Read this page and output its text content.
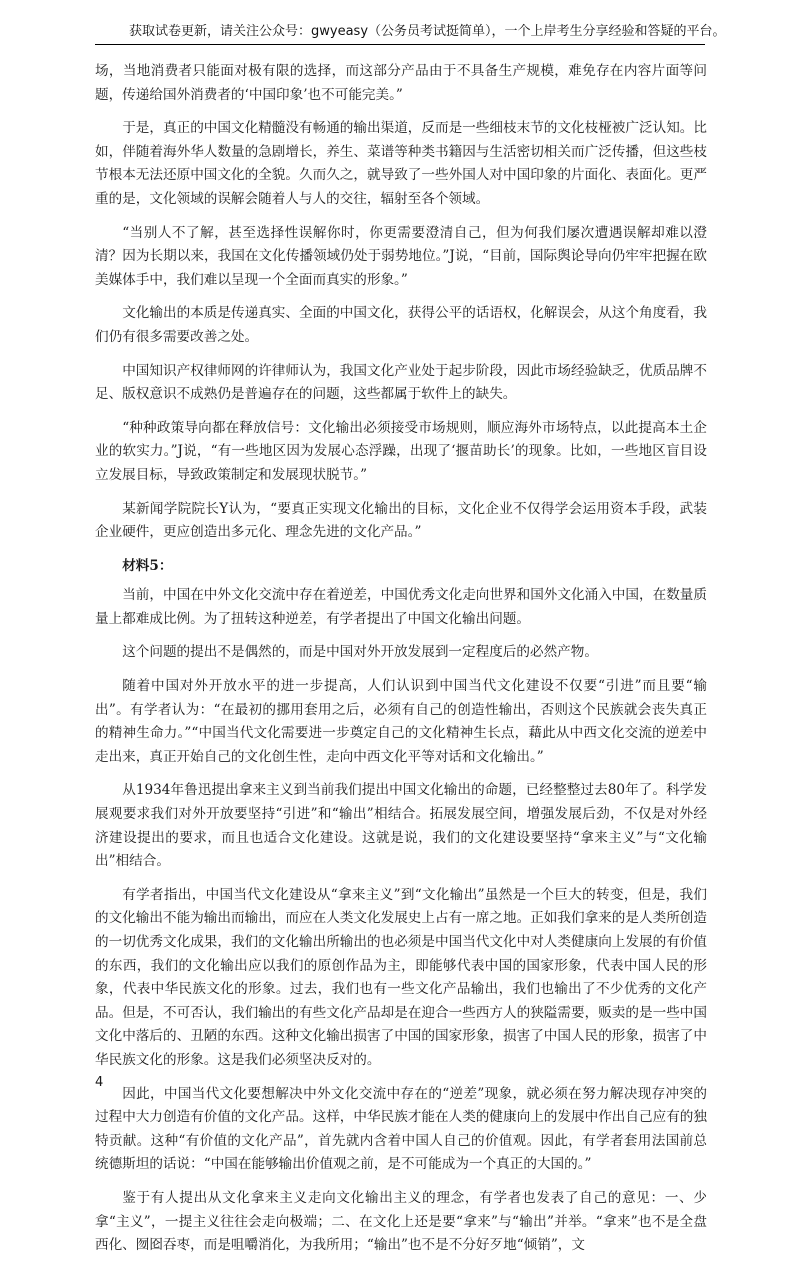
获取试卷更新，请关注公众号：gwyeasy（公务员考试挺简单），一个上岸考生分享经验和答疑的平台。

场，当地消费者只能面对极有限的选择，而这部分产品由于不具备生产规模，难免存在内容片面等问题，传递给国外消费者的‘中国印象’也不可能完美。”

于是，真正的中国文化精髓没有畅通的输出渠道，反而是一些细枝末节的文化枝桠被广泛认知。比如，伴随着海外华人数量的急剧增长，养生、菜谱等种类书籍因与生活密切相关而广泛传播，但这些枝节根本无法还原中国文化的全貌。久而久之，就导致了一些外国人对中国印象的片面化、表面化。更严重的是，文化领域的误解会随着人与人的交往，辐射至各个领域。

“当别人不了解，甚至选择性误解你时，你更需要澄清自己，但为何我们屡次遭遇误解却难以澄清？因为长期以来，我国在文化传播领域仍处于弱势地位。”J说，“目前，国际舆论导向仍牢牢把握在欧美媒体手中，我们难以呈现一个全面而真实的形象。”

文化输出的本质是传递真实、全面的中国文化，获得公平的话语权，化解误会，从这个角度看，我们仍有很多需要改善之处。

中国知识产权律师网的许律师认为，我国文化产业处于起步阶段，因此市场经验缺乏，优质品牌不足、版权意识不成熟仍是普遍存在的问题，这些都属于软件上的缺失。

“种种政策导向都在释放信号：文化输出必须接受市场规则，顺应海外市场特点，以此提高本土企业的软实力。”J说，“有一些地区因为发展心态浮躁，出现了‘揠苗助长’的现象。比如，一些地区盲目设立发展目标，导致政策制定和发展现状脱节。”

某新闻学院院长Y认为，“要真正实现文化输出的目标，文化企业不仅得学会运用资本手段，武装企业硬件，更应创造出多元化、理念先进的文化产品。”

材料5：

当前，中国在中外文化交流中存在着逆差，中国优秀文化走向世界和国外文化涌入中国，在数量质量上都难成比例。为了扭转这种逆差，有学者提出了中国文化输出问题。

这个问题的提出不是偶然的，而是中国对外开放发展到一定程度后的必然产物。

随着中国对外开放水平的进一步提高，人们认识到中国当代文化建设不仅要“引进”而且要“输出”。有学者认为：“在最初的挪用套用之后，必须有自己的创造性输出，否则这个民族就会丧失真正的精神生命力。”“中国当代文化需要进一步奠定自己的文化精神生长点，藉此从中西文化交流的逆差中走出来，真正开始自己的文化创生性，走向中西文化平等对话和文化输出。”

从1934年鲁迅提出拿来主义到当前我们提出中国文化输出的命题，已经整整过去80年了。科学发展观要求我们对外开放要坚持“引进”和“输出”相结合。拓展发展空间，增强发展后劲，不仅是对外经济建设提出的要求，而且也适合文化建设。这就是说，我们的文化建设要坚持“拿来主义”与“文化输出”相结合。

有学者指出，中国当代文化建设从“拿来主义”到“文化输出”虽然是一个巨大的转变，但是，我们的文化输出不能为输出而输出，而应在人类文化发展史上占有一席之地。正如我们拿来的是人类所创造的一切优秀文化成果，我们的文化输出所输出的也必须是中国当代文化中对人类健康向上发展的有价值的东西，我们的文化输出应以我们的原创作品为主，即能够代表中国的国家形象，代表中国人民的形象，代表中华民族文化的形象。过去，我们也有一些文化产品输出，我们也输出了不少优秀的文化产品。但是，不可否认，我们输出的有些文化产品却是在迎合一些西方人的狭隘需要，贩卖的是一些中国文化中落后的、丑陋的东西。这种文化输出损害了中国的国家形象，损害了中国人民的形象，损害了中华民族文化的形象。这是我们必须坚决反对的。

因此，中国当代文化要想解决中外文化交流中存在的“逆差”现象，就必须在努力解决现存冲突的过程中大力创造有价值的文化产品。这样，中华民族才能在人类的健康向上的发展中作出自己应有的独特贡献。这种“有价值的文化产品”，首先就内含着中国人自己的价值观。因此，有学者套用法国前总统德斯坦的话说：“中国在能够输出价值观之前，是不可能成为一个真正的大国的。”

鉴于有人提出从文化拿来主义走向文化输出主义的理念，有学者也发表了自己的意见：一、少拿“主义”，一提主义往往会走向极端；二、在文化上还是要“拿来”与“输出”并举。“拿来”也不是全盘西化、囫囵吞枣，而是咀嚼消化，为我所用；“输出”也不是不分好歹地“倾销”，文

4
